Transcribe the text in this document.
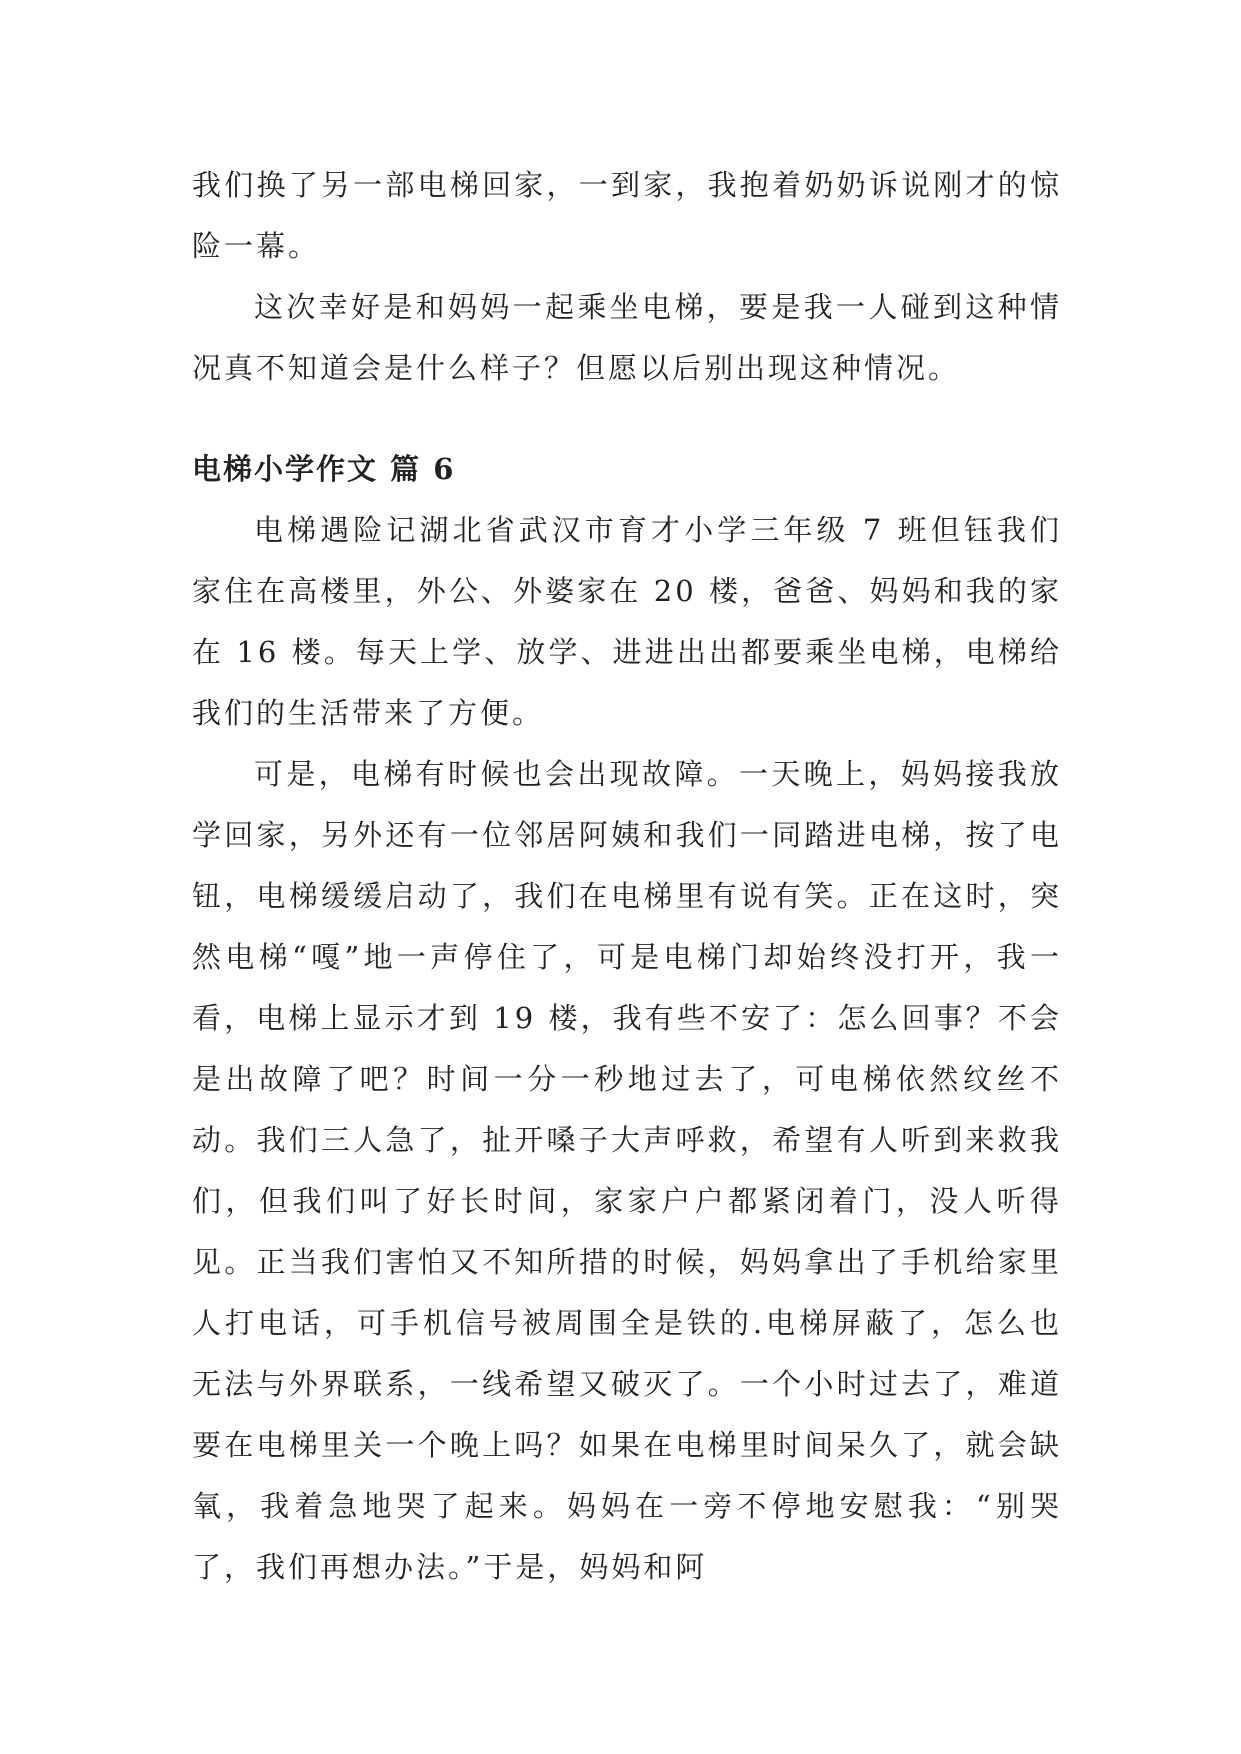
我们换了另一部电梯回家，一到家，我抱着奶奶诉说刚才的惊险一幕。

这次幸好是和妈妈一起乘坐电梯，要是我一人碰到这种情况真不知道会是什么样子？但愿以后别出现这种情况。

电梯小学作文 篇 6

电梯遇险记湖北省武汉市育才小学三年级 7 班但钰我们家住在高楼里，外公、外婆家在 20 楼，爸爸、妈妈和我的家在 16 楼。每天上学、放学、进进出出都要乘坐电梯，电梯给我们的生活带来了方便。

可是，电梯有时候也会出现故障。一天晚上，妈妈接我放学回家，另外还有一位邻居阿姨和我们一同踏进电梯，按了电钮，电梯缓缓启动了，我们在电梯里有说有笑。正在这时，突然电梯“嘎”地一声停住了，可是电梯门却始终没打开，我一看，电梯上显示才到 19 楼，我有些不安了：怎么回事？不会是出故障了吧？时间一分一秒地过去了，可电梯依然纹丝不动。我们三人急了，扯开嗓子大声呼救，希望有人听到来救我们，但我们叫了好长时间，家家户户都紧闭着门，没人听得见。正当我们害怕又不知所措的时候，妈妈拿出了手机给家里人打电话，可手机信号被周围全是铁的.电梯屏蔽了，怎么也无法与外界联系，一线希望又破灭了。一个小时过去了，难道要在电梯里关一个晚上吗？如果在电梯里时间呆久了，就会缺氧，我着急地哭了起来。妈妈在一旁不停地安慰我：“别哭了，我们再想办法。”于是，妈妈和阿
